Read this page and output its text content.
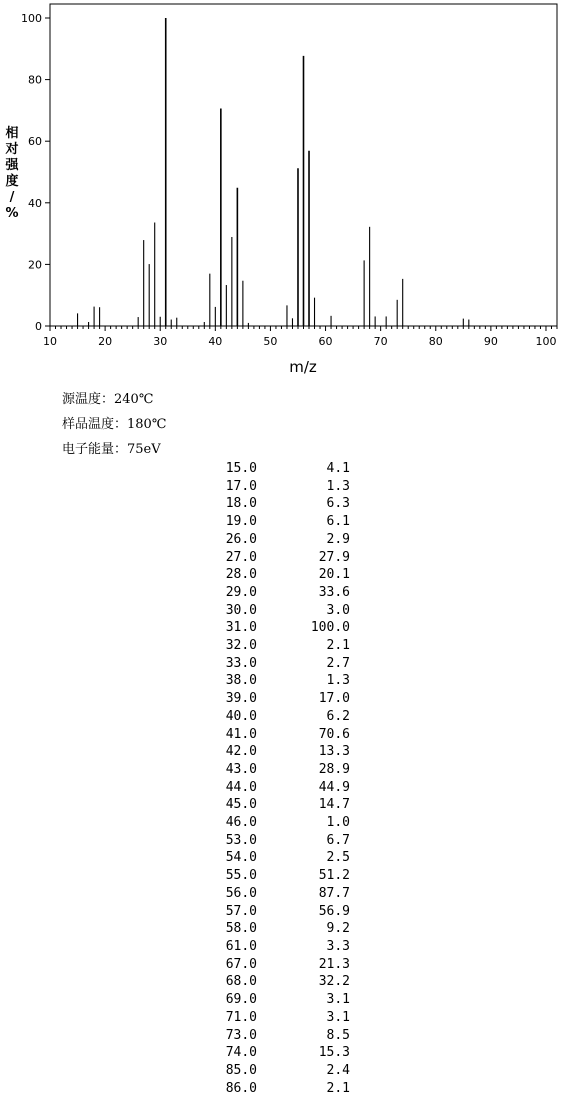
0
20
40
60
80
100
10	20	30	40	50	60	70	80	90	100
m/z
相
对
强
度
/
%
源温度：240℃
样品温度：180℃
电子能量：75eV
15.0	4.1
17.0	1.3
18.0	6.3
19.0	6.1
26.0	2.9
27.0	27.9
28.0	20.1
29.0	33.6
30.0	3.0
31.0	100.0
32.0	2.1
33.0	2.7
38.0	1.3
39.0	17.0
40.0	6.2
41.0	70.6
42.0	13.3
43.0	28.9
44.0	44.9
45.0	14.7
46.0	1.0
53.0	6.7
54.0	2.5
55.0	51.2
56.0	87.7
57.0	56.9
58.0	9.2
61.0	3.3
67.0	21.3
68.0	32.2
69.0	3.1
71.0	3.1
73.0	8.5
74.0	15.3
85.0	2.4
86.0	2.1
